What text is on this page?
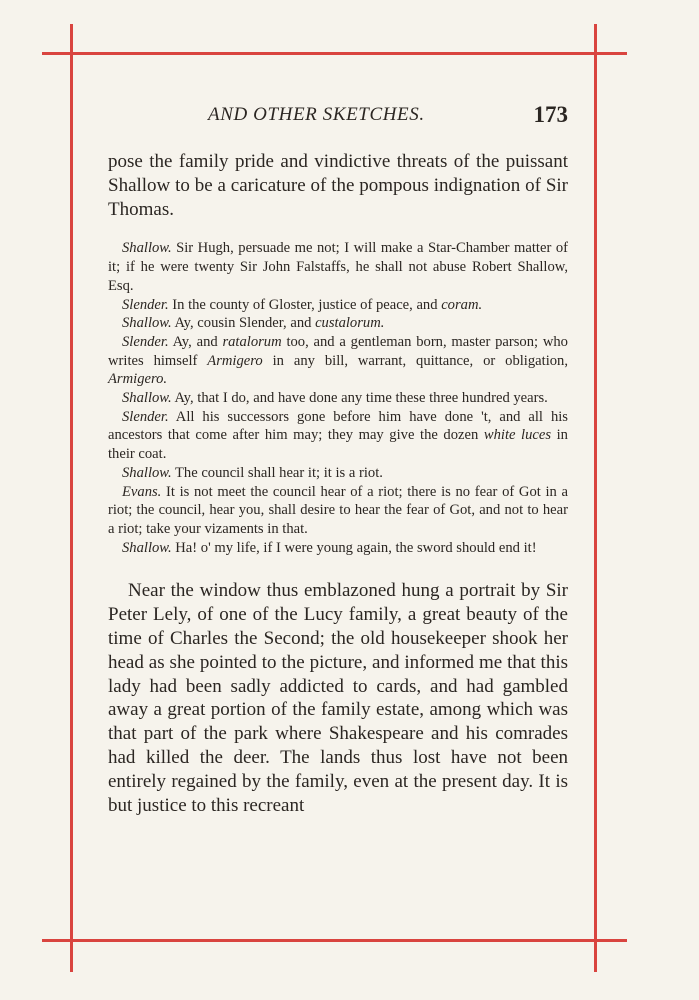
AND OTHER SKETCHES.	173

pose the family pride and vindictive threats of the puissant Shallow to be a caricature of the pompous indignation of Sir Thomas.

Shallow. Sir Hugh, persuade me not; I will make a Star-Chamber matter of it; if he were twenty Sir John Falstaffs, he shall not abuse Robert Shallow, Esq.

Slender. In the county of Gloster, justice of peace, and coram.

Shallow. Ay, cousin Slender, and custalorum.

Slender. Ay, and ratalorum too, and a gentleman born, master parson; who writes himself Armigero in any bill, warrant, quittance, or obligation, Armigero.

Shallow. Ay, that I do, and have done any time these three hundred years.

Slender. All his successors gone before him have done 't, and all his ancestors that come after him may; they may give the dozen white luces in their coat.

Shallow. The council shall hear it; it is a riot.

Evans. It is not meet the council hear of a riot; there is no fear of Got in a riot; the council, hear you, shall desire to hear the fear of Got, and not to hear a riot; take your vizaments in that.

Shallow. Ha! o' my life, if I were young again, the sword should end it!

Near the window thus emblazoned hung a portrait by Sir Peter Lely, of one of the Lucy family, a great beauty of the time of Charles the Second; the old housekeeper shook her head as she pointed to the picture, and informed me that this lady had been sadly addicted to cards, and had gambled away a great portion of the family estate, among which was that part of the park where Shakespeare and his comrades had killed the deer. The lands thus lost have not been entirely regained by the family, even at the present day. It is but justice to this recreant
